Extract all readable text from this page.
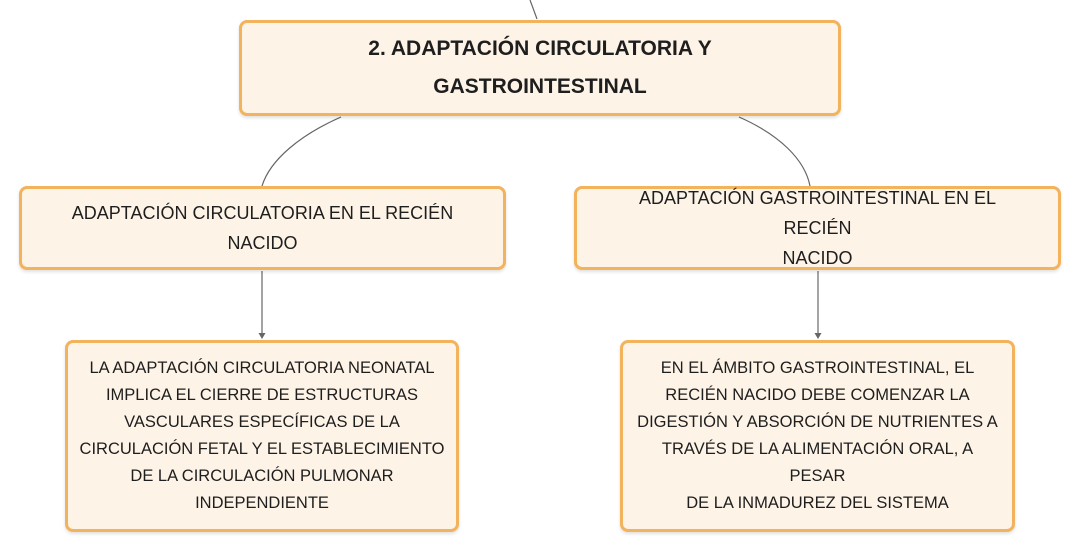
2. ADAPTACIÓN CIRCULATORIA Y
GASTROINTESTINAL
ADAPTACIÓN CIRCULATORIA EN EL RECIÉN
NACIDO
ADAPTACIÓN GASTROINTESTINAL EN EL RECIÉN
NACIDO
LA ADAPTACIÓN CIRCULATORIA NEONATAL
IMPLICA EL CIERRE DE ESTRUCTURAS
VASCULARES ESPECÍFICAS DE LA
CIRCULACIÓN FETAL Y EL ESTABLECIMIENTO
DE LA CIRCULACIÓN PULMONAR
INDEPENDIENTE
EN EL ÁMBITO GASTROINTESTINAL, EL
RECIÉN NACIDO DEBE COMENZAR LA
DIGESTIÓN Y ABSORCIÓN DE NUTRIENTES A
TRAVÉS DE LA ALIMENTACIÓN ORAL, A PESAR
DE LA INMADUREZ DEL SISTEMA
